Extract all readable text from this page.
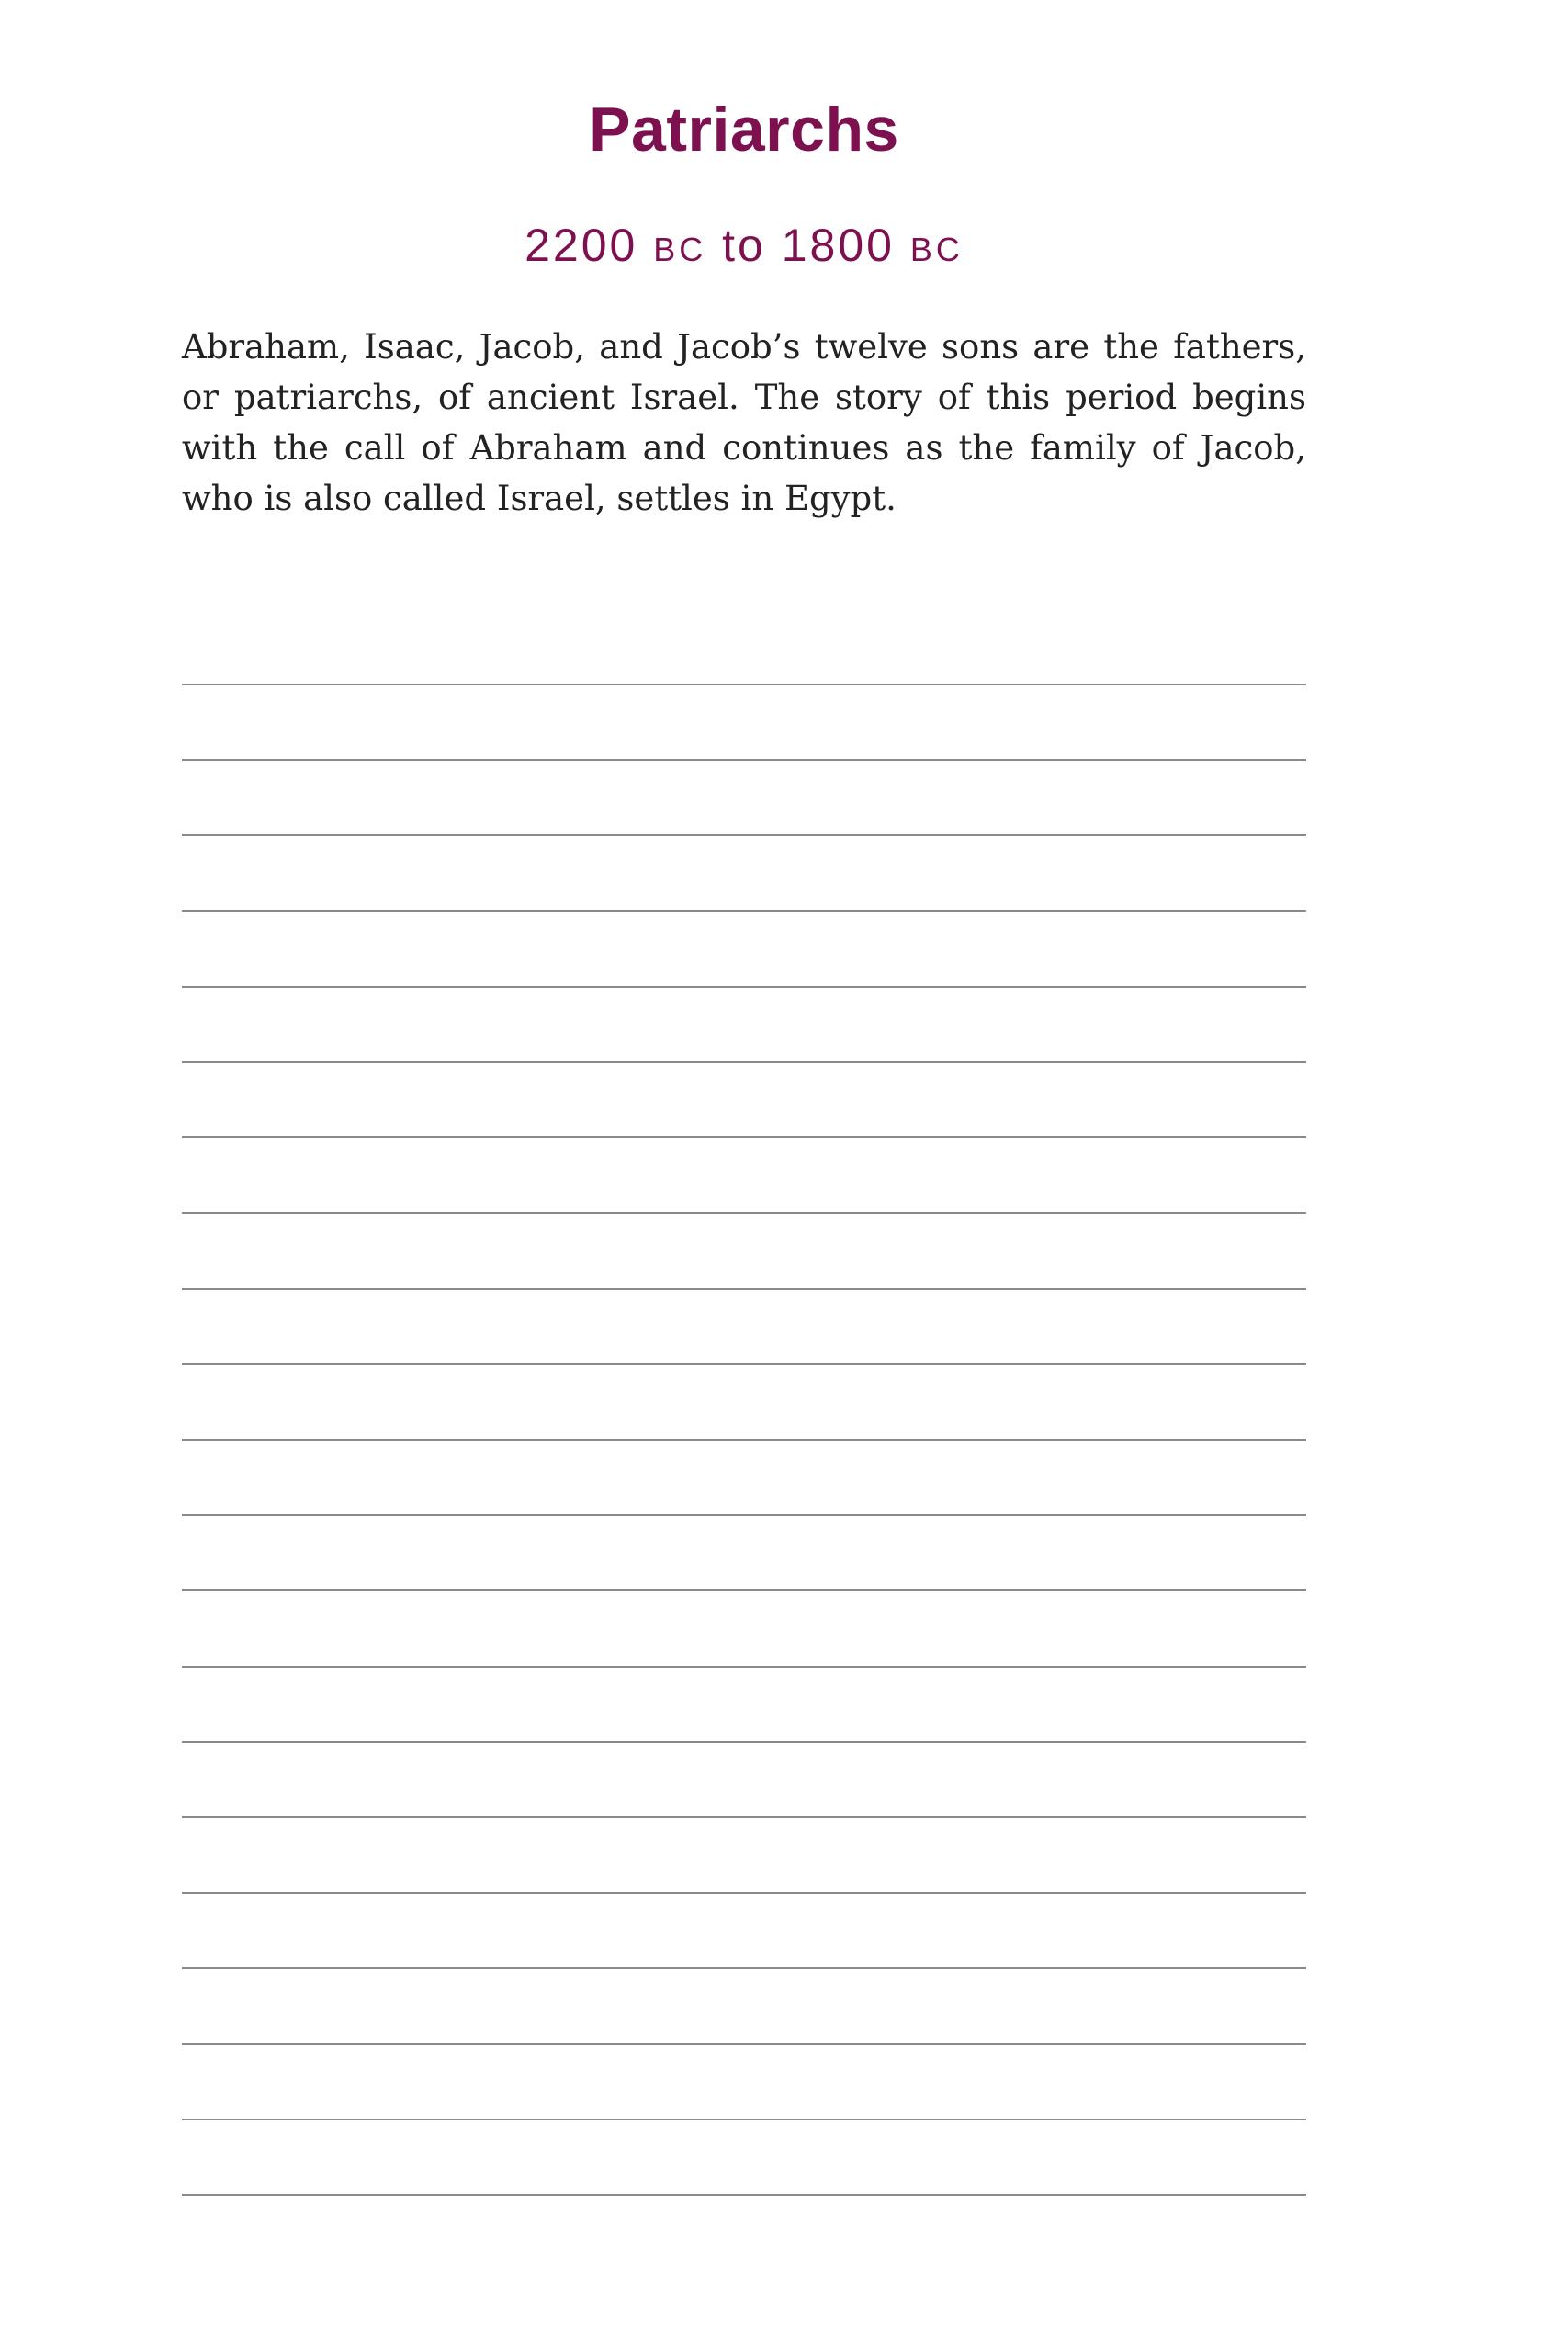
Patriarchs
2200 BC to 1800 BC

Abraham, Isaac, Jacob, and Jacob’s twelve sons are the fathers, or patriarchs, of ancient Israel. The story of this period begins with the call of Abraham and continues as the family of Jacob, who is also called Israel, settles in Egypt.
